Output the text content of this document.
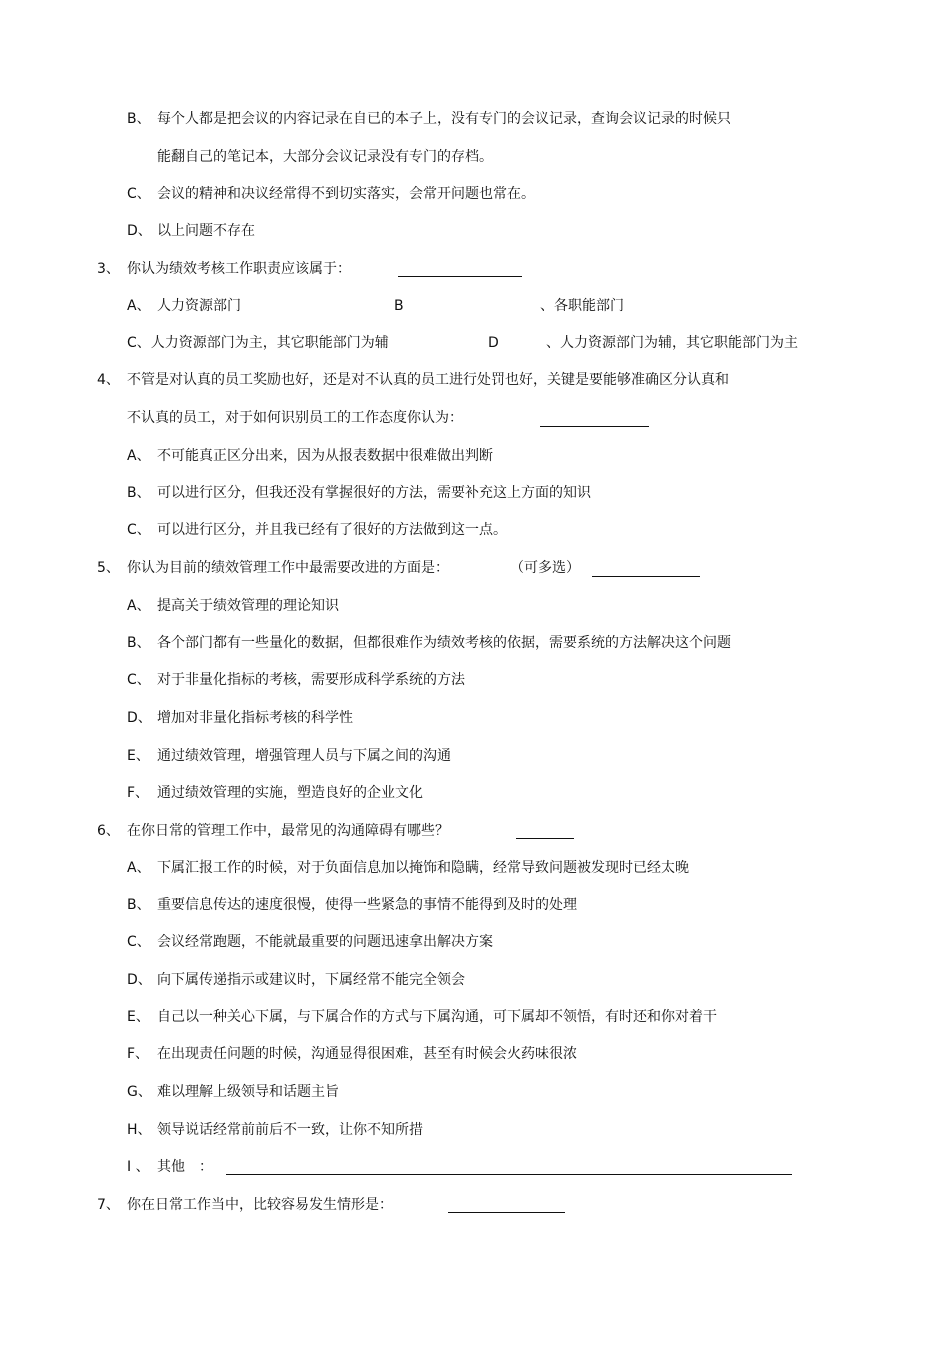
B、 每个人都是把会议的内容记录在自已的本子上，没有专门的会议记录，查询会议记录的时候只
能翻自己的笔记本，大部分会议记录没有专门的存档。
C、 会议的精神和决议经常得不到切实落实，会常开问题也常在。
D、 以上问题不存在
3、 你认为绩效考核工作职责应该属于：
A、 人力资源部门	B	、各职能部门
C、人力资源部门为主，其它职能部门为辅	D	、人力资源部门为辅，其它职能部门为主
4、 不管是对认真的员工奖励也好，还是对不认真的员工进行处罚也好，关键是要能够准确区分认真和
不认真的员工，对于如何识别员工的工作态度你认为：
A、 不可能真正区分出来，因为从报表数据中很难做出判断
B、 可以进行区分，但我还没有掌握很好的方法，需要补充这上方面的知识
C、 可以进行区分，并且我已经有了很好的方法做到这一点。
5、 你认为目前的绩效管理工作中最需要改进的方面是：	（可多选）
A、 提高关于绩效管理的理论知识
B、 各个部门都有一些量化的数据，但都很难作为绩效考核的依据，需要系统的方法解决这个问题
C、 对于非量化指标的考核，需要形成科学系统的方法
D、 增加对非量化指标考核的科学性
E、 通过绩效管理，增强管理人员与下属之间的沟通
F、 通过绩效管理的实施，塑造良好的企业文化
6、 在你日常的管理工作中，最常见的沟通障碍有哪些？
A、 下属汇报工作的时候，对于负面信息加以掩饰和隐瞒，经常导致问题被发现时已经太晚
B、 重要信息传达的速度很慢，使得一些紧急的事情不能得到及时的处理
C、 会议经常跑题，不能就最重要的问题迅速拿出解决方案
D、 向下属传递指示或建议时，下属经常不能完全领会
E、 自己以一种关心下属，与下属合作的方式与下属沟通，可下属却不领悟，有时还和你对着干
F、 在出现责任问题的时候，沟通显得很困难，甚至有时候会火药味很浓
G、 难以理解上级领导和话题主旨
H、 领导说话经常前前后不一致，让你不知所措
I 、 其他 ：
7、 你在日常工作当中，比较容易发生情形是：
